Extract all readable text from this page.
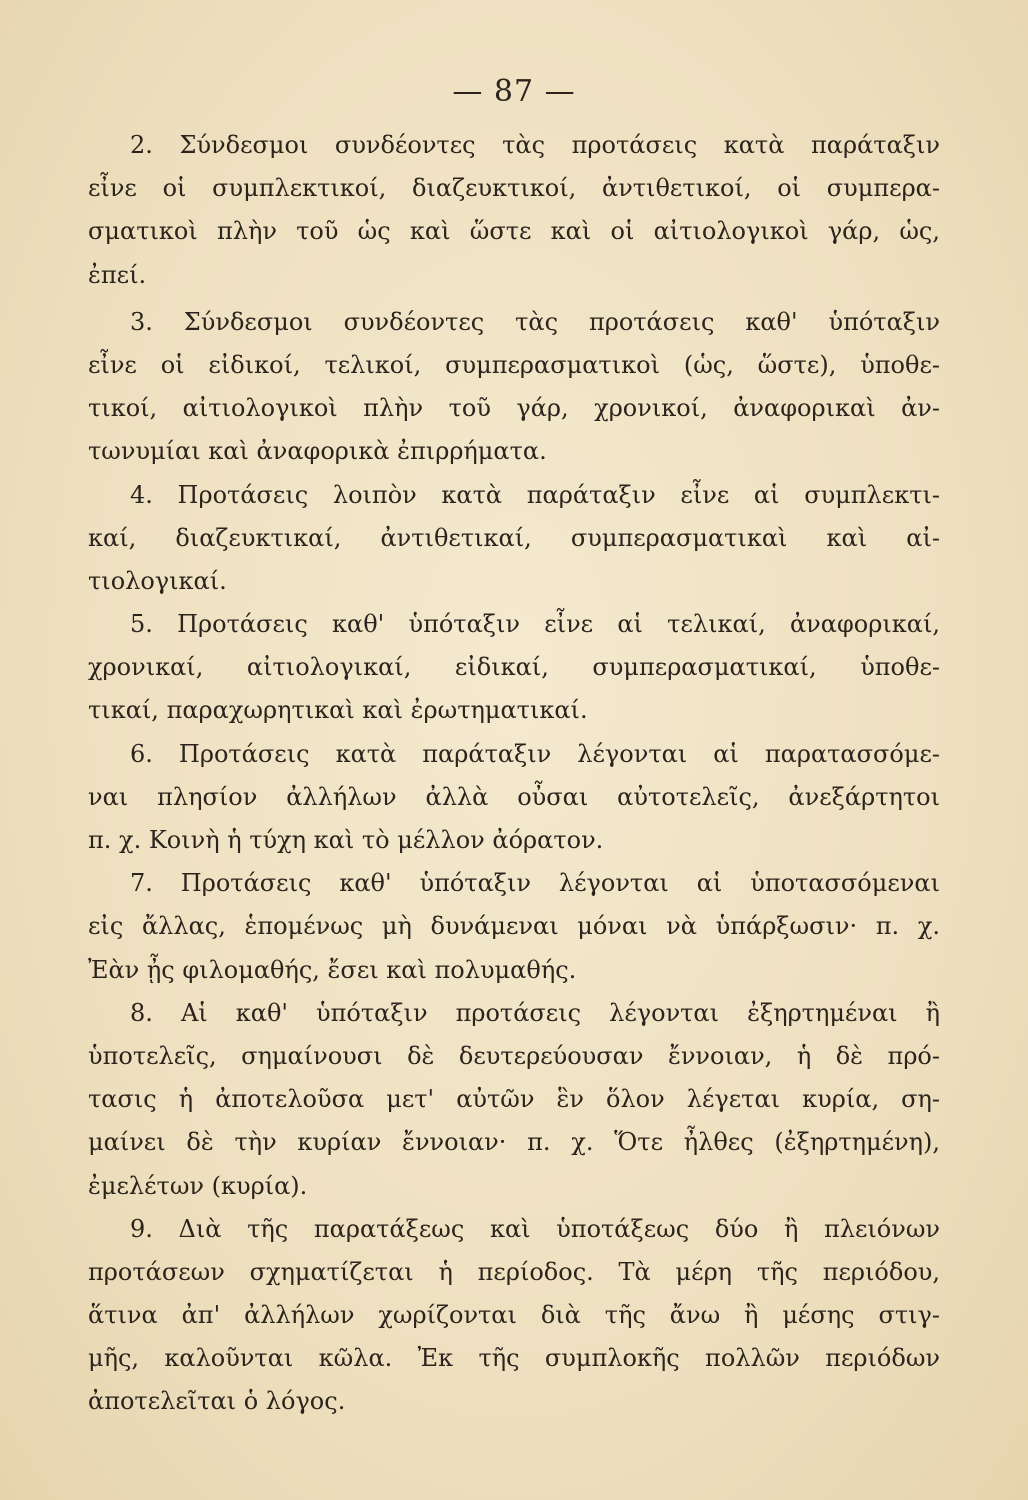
— 87 —
2. Σύνδεσμοι συνδέοντες τὰς προτάσεις κατὰ παράταξιν
εἶνε οἱ συμπλεκτικοί, διαζευκτικοί, ἀντιθετικοί, οἱ συμπερα-
σματικοὶ πλὴν τοῦ ὡς καὶ ὥστε καὶ οἱ αἰτιολογικοὶ γάρ, ὡς,
ἐπεί.
3. Σύνδεσμοι συνδέοντες τὰς προτάσεις καθ' ὑπόταξιν
εἶνε οἱ εἰδικοί, τελικοί, συμπερασματικοὶ (ὡς, ὥστε), ὑποθε-
τικοί, αἰτιολογικοὶ πλὴν τοῦ γάρ, χρονικοί, ἀναφορικαὶ ἀν-
τωνυμίαι καὶ ἀναφορικὰ ἐπιρρήματα.
4. Προτάσεις λοιπὸν κατὰ παράταξιν εἶνε αἱ συμπλεκτι-
καί, διαζευκτικαί, ἀντιθετικαί, συμπερασματικαὶ καὶ αἰ-
τιολογικαί.
5. Προτάσεις καθ' ὑπόταξιν εἶνε αἱ τελικαί, ἀναφορικαί,
χρονικαί, αἰτιολογικαί, εἰδικαί, συμπερασματικαί, ὑποθε-
τικαί, παραχωρητικαὶ καὶ ἐρωτηματικαί.
6. Προτάσεις κατὰ παράταξιν λέγονται αἱ παρατασσόμε-
ναι πλησίον ἀλλήλων ἀλλὰ οὖσαι αὐτοτελεῖς, ἀνεξάρτητοι
π. χ. Κοινὴ ἡ τύχη καὶ τὸ μέλλον ἀόρατον.
7. Προτάσεις καθ' ὑπόταξιν λέγονται αἱ ὑποτασσόμεναι
εἰς ἄλλας, ἑπομένως μὴ δυνάμεναι μόναι νὰ ὑπάρξωσιν· π. χ.
Ἐὰν ᾖς φιλομαθής, ἔσει καὶ πολυμαθής.
8. Αἱ καθ' ὑπόταξιν προτάσεις λέγονται ἐξηρτημέναι ἢ
ὑποτελεῖς, σημαίνουσι δὲ δευτερεύουσαν ἔννοιαν, ἡ δὲ πρό-
τασις ἡ ἀποτελοῦσα μετ' αὐτῶν ἓν ὅλον λέγεται κυρία, ση-
μαίνει δὲ τὴν κυρίαν ἔννοιαν· π. χ. Ὅτε ἦλθες (ἐξηρτημένη),
ἐμελέτων (κυρία).
9. Διὰ τῆς παρατάξεως καὶ ὑποτάξεως δύο ἢ πλειόνων
προτάσεων σχηματίζεται ἡ περίοδος. Τὰ μέρη τῆς περιόδου,
ἅτινα ἀπ' ἀλλήλων χωρίζονται διὰ τῆς ἄνω ἢ μέσης στιγ-
μῆς, καλοῦνται κῶλα. Ἐκ τῆς συμπλοκῆς πολλῶν περιόδων
ἀποτελεῖται ὁ λόγος.
